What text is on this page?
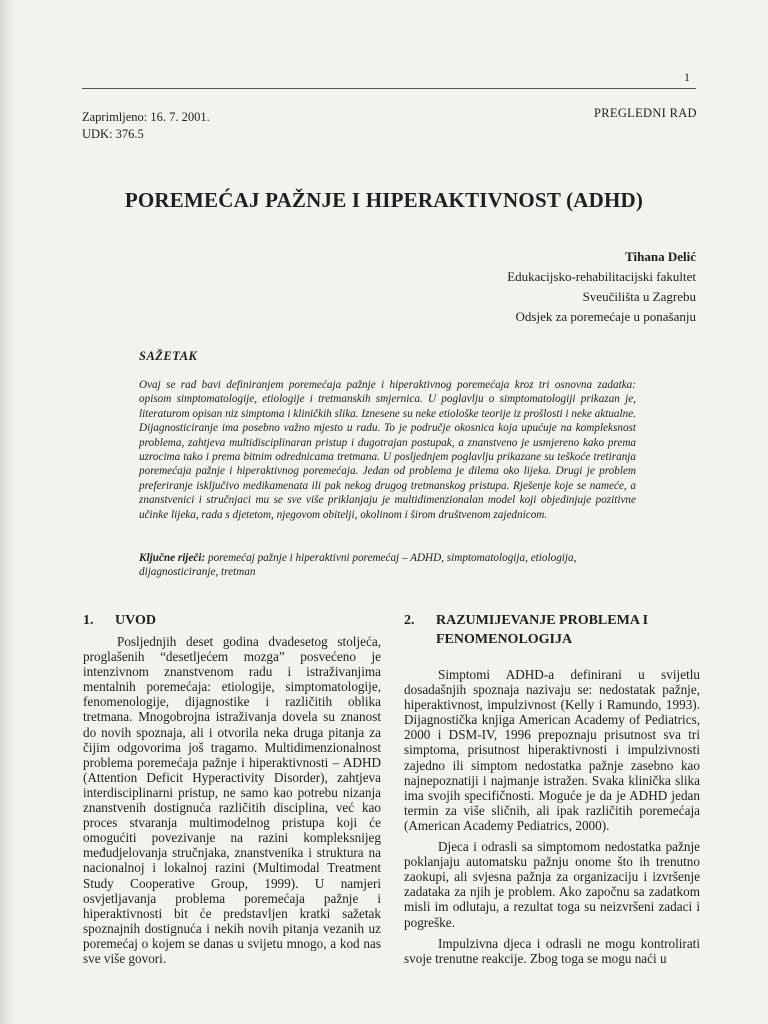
1
Zaprimljeno: 16. 7. 2001.
UDK: 376.5
PREGLEDNI RAD
POREMEĆAJ PAŽNJE I HIPERAKTIVNOST (ADHD)
Tihana Delić
Edukacijsko-rehabilitacijski fakultet
Sveučilišta u Zagrebu
Odsjek za poremećaje u ponašanju
SAŽETAK

Ovaj se rad bavi definiranjem poremećaja pažnje i hiperaktivnog poremećaja kroz tri osnovna zadatka: opisom simptomatologije, etiologije i tretmanskih smjernica. U poglavlju o simptomatologiji prikazan je, literaturom opisan niz simptoma i kliničkih slika. Iznesene su neke etiološke teorije iz prošlosti i neke aktualne. Dijagnosticiranje ima posebno važno mjesto u radu. To je područje okosnica koja upućuje na kompleksnost problema, zahtjeva multidisciplinaran pristup i dugotrajan postupak, a znanstveno je usmjereno kako prema uzrocima tako i prema bitnim odrednicama tretmana. U posljednjem poglavlju prikazane su teškoće tretiranja poremećaja pažnje i hiperaktivnog poremećaja. Jedan od problema je dilema oko lijeka. Drugi je problem preferiranje isključivo medikamenata ili pak nekog drugog tretmanskog pristupa. Rješenje koje se nameće, a znanstvenici i stručnjaci mu se sve više priklanjaju je multidimenzionalan model koji objedinjuje pozitivne učinke lijeka, rada s djetetom, njegovom obitelji, okolinom i širom društvenom zajednicom.

Ključne riječi: poremećaj pažnje i hiperaktivni poremećaj – ADHD, simptomatologija, etiologija, dijagnosticiranje, tretman
1.	UVOD

Posljednjih deset godina dvadesetog stoljeća, proglašenih “desetljećem mozga” posvećeno je intenzivnom znanstvenom radu i istraživanjima mentalnih poremećaja: etiologije, simptomatologije, fenomenologije, dijagnostike i različitih oblika tretmana. Mnogobrojna istraživanja dovela su znanost do novih spoznaja, ali i otvorila neka druga pitanja za čijim odgovorima još tragamo. Multidimenzionalnost problema poremećaja pažnje i hiperaktivnosti – ADHD (Attention Deficit Hyperactivity Disorder), zahtjeva interdisciplinarni pristup, ne samo kao potrebu nizanja znanstvenih dostignuća različitih disciplina, već kao proces stvaranja multimodelnog pristupa koji će omogućiti povezivanje na razini kompleksnijeg međudjelovanja stručnjaka, znanstvenika i struktura na nacionalnoj i lokalnoj razini (Multimodal Treatment Study Cooperative Group, 1999). U namjeri osvjetljavanja problema poremećaja pažnje i hiperaktivnosti bit će predstavljen kratki sažetak spoznajnih dostignuća i nekih novih pitanja vezanih uz poremećaj o kojem se danas u svijetu mnogo, a kod nas sve više govori.

2.	RAZUMIJEVANJE PROBLEMA I FENOMENOLOGIJA

Simptomi ADHD-a definirani u svijetlu dosadašnjih spoznaja nazivaju se: nedostatak pažnje, hiperaktivnost, impulzivnost (Kelly i Ramundo, 1993). Dijagnostička knjiga American Academy of Pediatrics, 2000 i DSM-IV, 1996 prepoznaju prisutnost sva tri simptoma, prisutnost hiperaktivnosti i impulzivnosti zajedno ili simptom nedostatka pažnje zasebno kao najnepoznatiji i najmanje istražen. Svaka klinička slika ima svojih specifičnosti. Moguće je da je ADHD jedan termin za više sličnih, ali ipak različitih poremećaja (American Academy Pediatrics, 2000).

Djeca i odrasli sa simptomom nedostatka pažnje poklanjaju automatsku pažnju onome što ih trenutno zaokupi, ali svjesna pažnja za organizaciju i izvršenje zadataka za njih je problem. Ako započnu sa zadatkom misli im odlutaju, a rezultat toga su neizvršeni zadaci i pogreške.

Impulzivna djeca i odrasli ne mogu kontrolirati svoje trenutne reakcije. Zbog toga se mogu naći u
